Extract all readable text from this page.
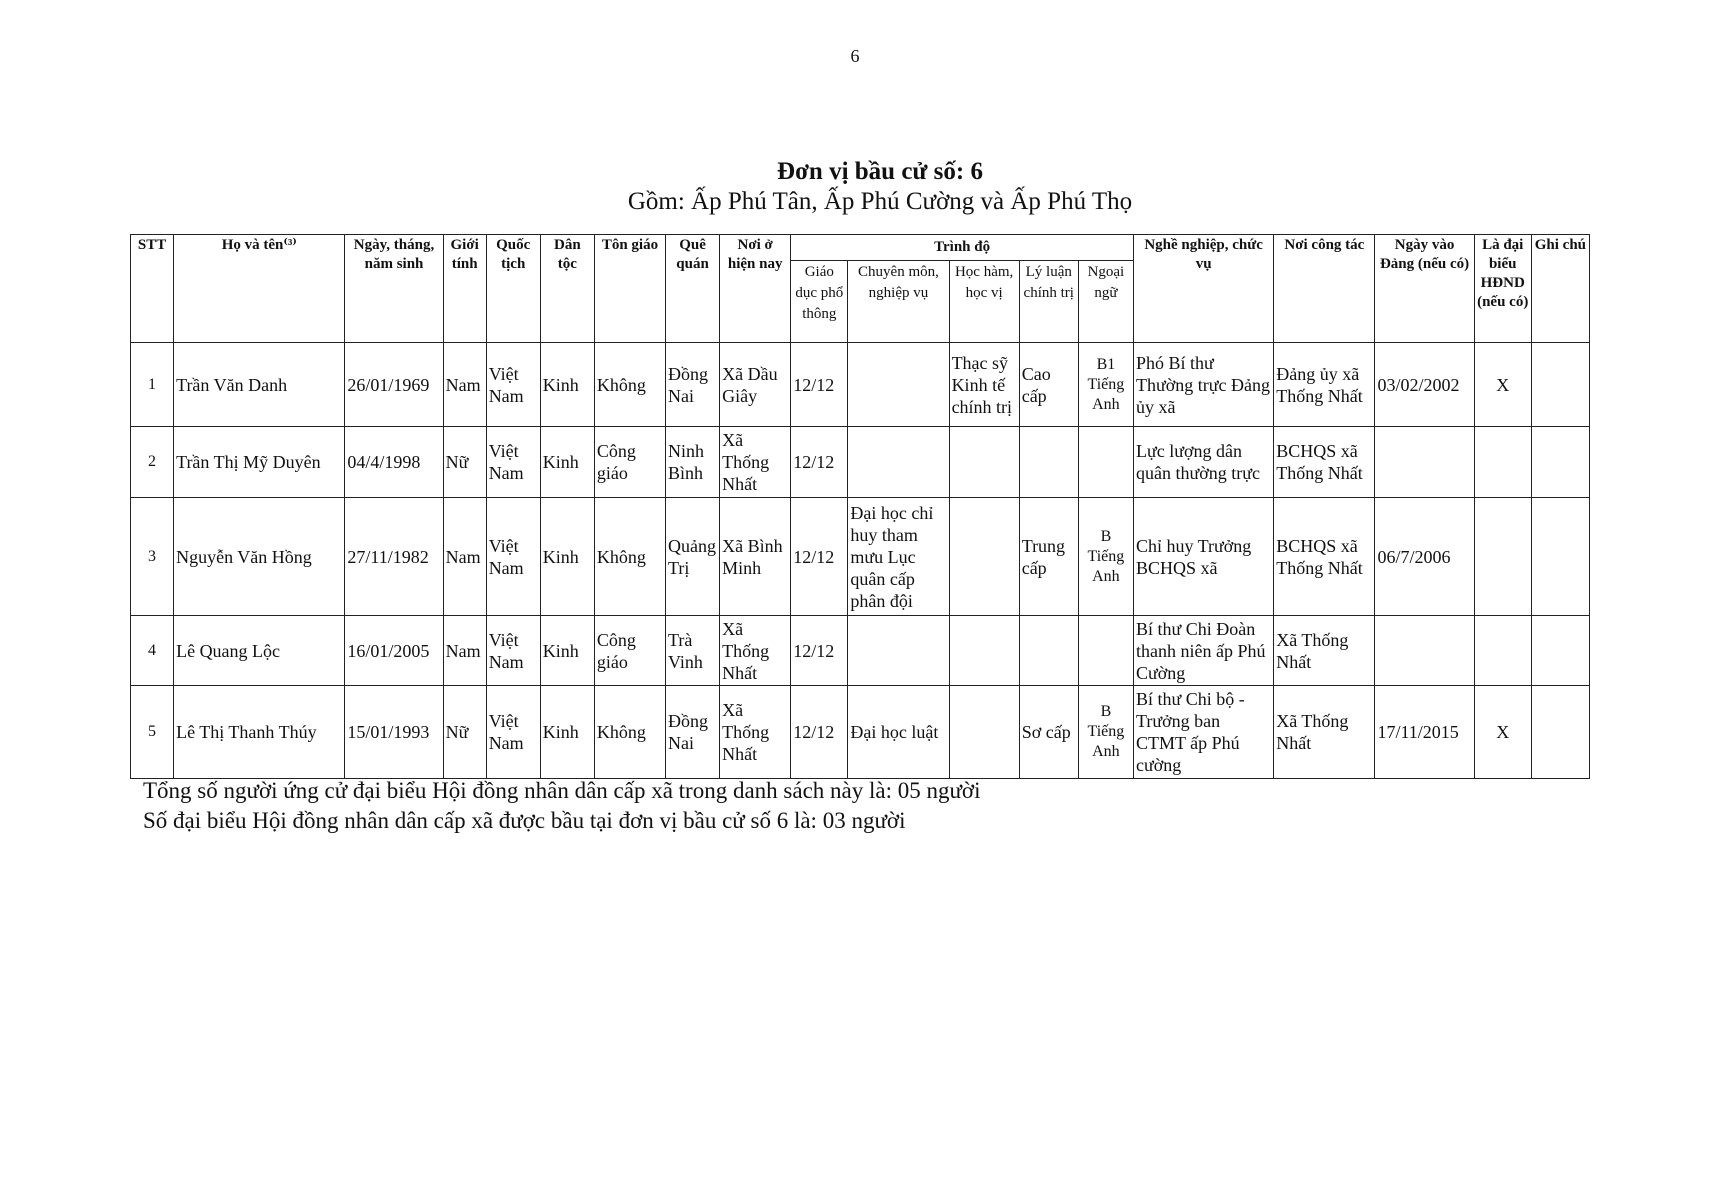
6
Đơn vị bầu cử số: 6
Gồm: Ấp Phú Tân, Ấp Phú Cường và Ấp Phú Thọ
STT	Họ và tên⁽³⁾	Ngày, tháng, năm sinh	Giới tính	Quốc tịch	Dân tộc	Tôn giáo	Quê quán	Nơi ở hiện nay	Trình độ					Nghề nghiệp, chức vụ	Nơi công tác	Ngày vào Đảng (nếu có)	Là đại biểu HĐND (nếu có)	Ghi chú
									Giáo dục phổ thông	Chuyên môn, nghiệp vụ	Học hàm, học vị	Lý luận chính trị	Ngoại ngữ					
1	Trần Văn Danh	26/01/1969	Nam	Việt Nam	Kinh	Không	Đồng Nai	Xã Dầu Giây	12/12		Thạc sỹ Kinh tế chính trị	Cao cấp	B1 Tiếng Anh	Phó Bí thư Thường trực Đảng ủy xã	Đảng ủy xã Thống Nhất	03/02/2002	X	
2	Trần Thị Mỹ Duyên	04/4/1998	Nữ	Việt Nam	Kinh	Công giáo	Ninh Bình	Xã Thống Nhất	12/12					Lực lượng dân quân thường trực	BCHQS xã Thống Nhất			
3	Nguyễn Văn Hồng	27/11/1982	Nam	Việt Nam	Kinh	Không	Quảng Trị	Xã Bình Minh	12/12	Đại học chỉ huy tham mưu Lục quân cấp phân đội		Trung cấp	B Tiếng Anh	Chỉ huy Trưởng BCHQS xã	BCHQS xã Thống Nhất	06/7/2006		
4	Lê Quang Lộc	16/01/2005	Nam	Việt Nam	Kinh	Công giáo	Trà Vinh	Xã Thống Nhất	12/12					Bí thư Chi Đoàn thanh niên ấp Phú Cường	Xã Thống Nhất			
5	Lê Thị Thanh Thúy	15/01/1993	Nữ	Việt Nam	Kinh	Không	Đồng Nai	Xã Thống Nhất	12/12	Đại học luật		Sơ cấp	B Tiếng Anh	Bí thư Chi bộ - Trưởng ban CTMT ấp Phú cường	Xã Thống Nhất	17/11/2015	X	
Tổng số người ứng cử đại biểu Hội đồng nhân dân cấp xã trong danh sách này là: 05 người
Số đại biểu Hội đồng nhân dân cấp xã được bầu tại đơn vị bầu cử số 6 là: 03 người
